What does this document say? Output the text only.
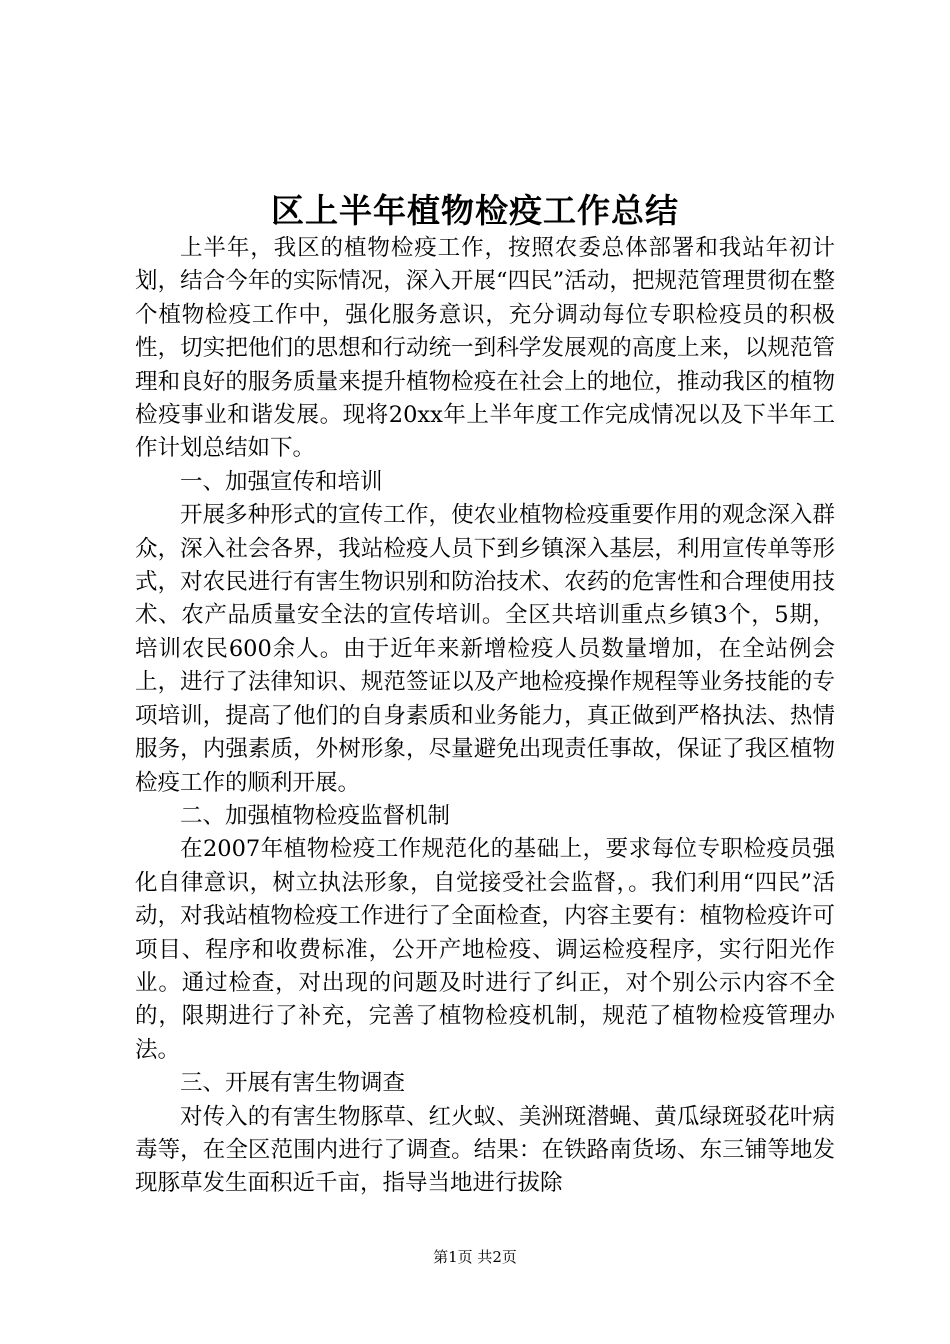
区上半年植物检疫工作总结

上半年，我区的植物检疫工作，按照农委总体部署和我站年初计划，结合今年的实际情况，深入开展“四民”活动，把规范管理贯彻在整个植物检疫工作中，强化服务意识，充分调动每位专职检疫员的积极性，切实把他们的思想和行动统一到科学发展观的高度上来，以规范管理和良好的服务质量来提升植物检疫在社会上的地位，推动我区的植物检疫事业和谐发展。现将20xx年上半年度工作完成情况以及下半年工作计划总结如下。

一、加强宣传和培训

开展多种形式的宣传工作，使农业植物检疫重要作用的观念深入群众，深入社会各界，我站检疫人员下到乡镇深入基层，利用宣传单等形式，对农民进行有害生物识别和防治技术、农药的危害性和合理使用技术、农产品质量安全法的宣传培训。全区共培训重点乡镇3个，5期，培训农民600余人。由于近年来新增检疫人员数量增加，在全站例会上，进行了法律知识、规范签证以及产地检疫操作规程等业务技能的专项培训，提高了他们的自身素质和业务能力，真正做到严格执法、热情服务，内强素质，外树形象，尽量避免出现责任事故，保证了我区植物检疫工作的顺利开展。

二、加强植物检疫监督机制

在2007年植物检疫工作规范化的基础上，要求每位专职检疫员强化自律意识，树立执法形象，自觉接受社会监督，。我们利用“四民”活动，对我站植物检疫工作进行了全面检查，内容主要有：植物检疫许可项目、程序和收费标准，公开产地检疫、调运检疫程序，实行阳光作业。通过检查，对出现的问题及时进行了纠正，对个别公示内容不全的，限期进行了补充，完善了植物检疫机制，规范了植物检疫管理办法。

三、开展有害生物调查

对传入的有害生物豚草、红火蚁、美洲斑潜蝇、黄瓜绿斑驳花叶病毒等，在全区范围内进行了调查。结果：在铁路南货场、东三铺等地发现豚草发生面积近千亩，指导当地进行拔除

第1页 共2页
